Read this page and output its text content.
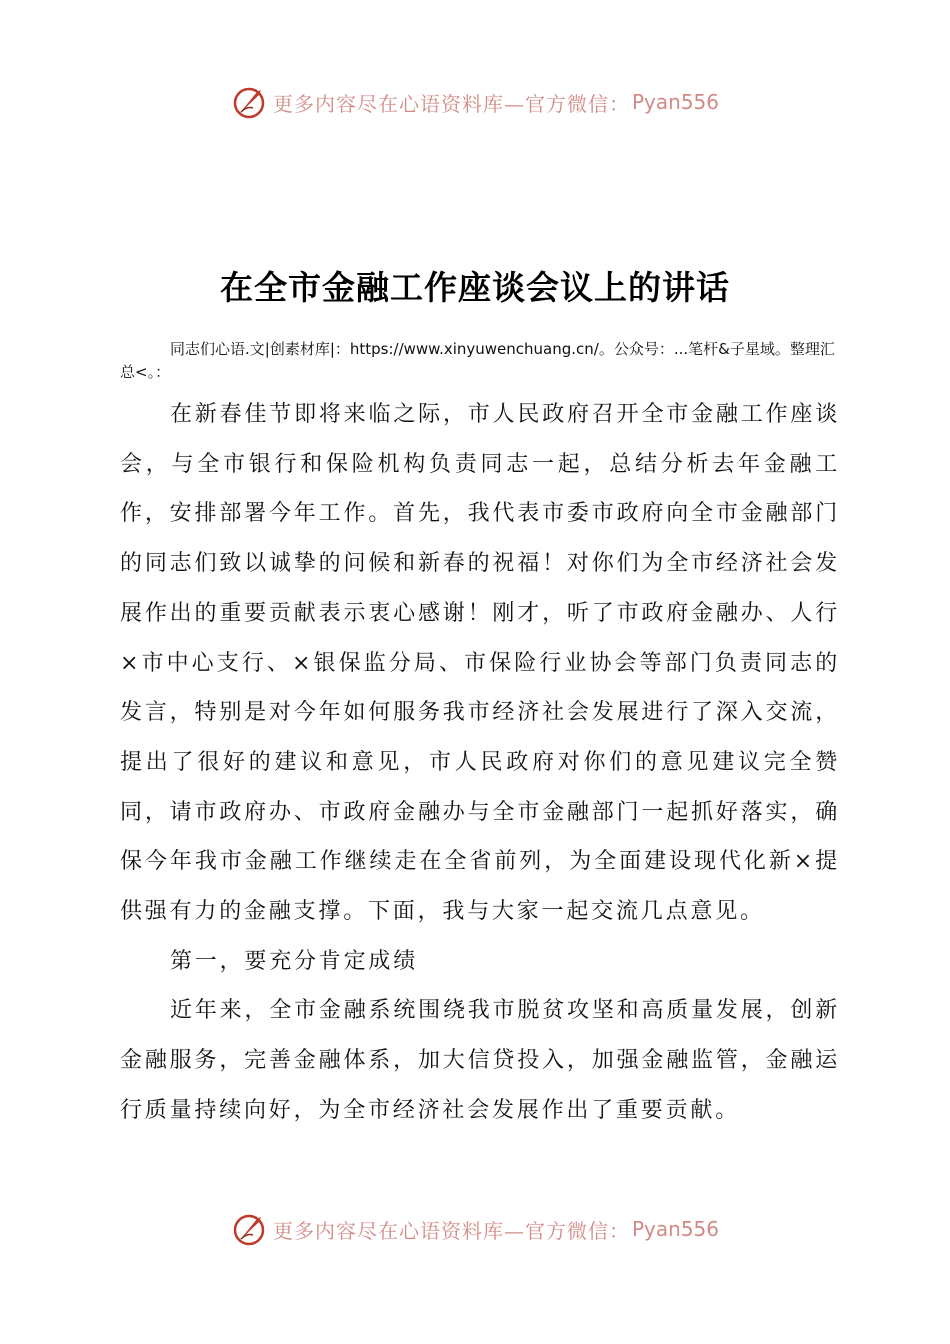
更多内容尽在心语资料库—官方微信： Pyan556
在全市金融工作座谈会议上的讲话
同志们心语.文|创素材库|：https://www.xinyuwenchuang.cn/。公众号：...笔杆&子星域。整理汇总<。：

在新春佳节即将来临之际，市人民政府召开全市金融工作座谈会，与全市银行和保险机构负责同志一起，总结分析去年金融工作，安排部署今年工作。首先，我代表市委市政府向全市金融部门的同志们致以诚挚的问候和新春的祝福！对你们为全市经济社会发展作出的重要贡献表示衷心感谢！刚才，听了市政府金融办、人行×市中心支行、×银保监分局、市保险行业协会等部门负责同志的发言，特别是对今年如何服务我市经济社会发展进行了深入交流，提出了很好的建议和意见，市人民政府对你们的意见建议完全赞同，请市政府办、市政府金融办与全市金融部门一起抓好落实，确保今年我市金融工作继续走在全省前列，为全面建设现代化新×提供强有力的金融支撑。下面，我与大家一起交流几点意见。

第一，要充分肯定成绩

近年来，全市金融系统围绕我市脱贫攻坚和高质量发展，创新金融服务，完善金融体系，加大信贷投入，加强金融监管，金融运行质量持续向好，为全市经济社会发展作出了重要贡献。

更多内容尽在心语资料库—官方微信： Pyan556
